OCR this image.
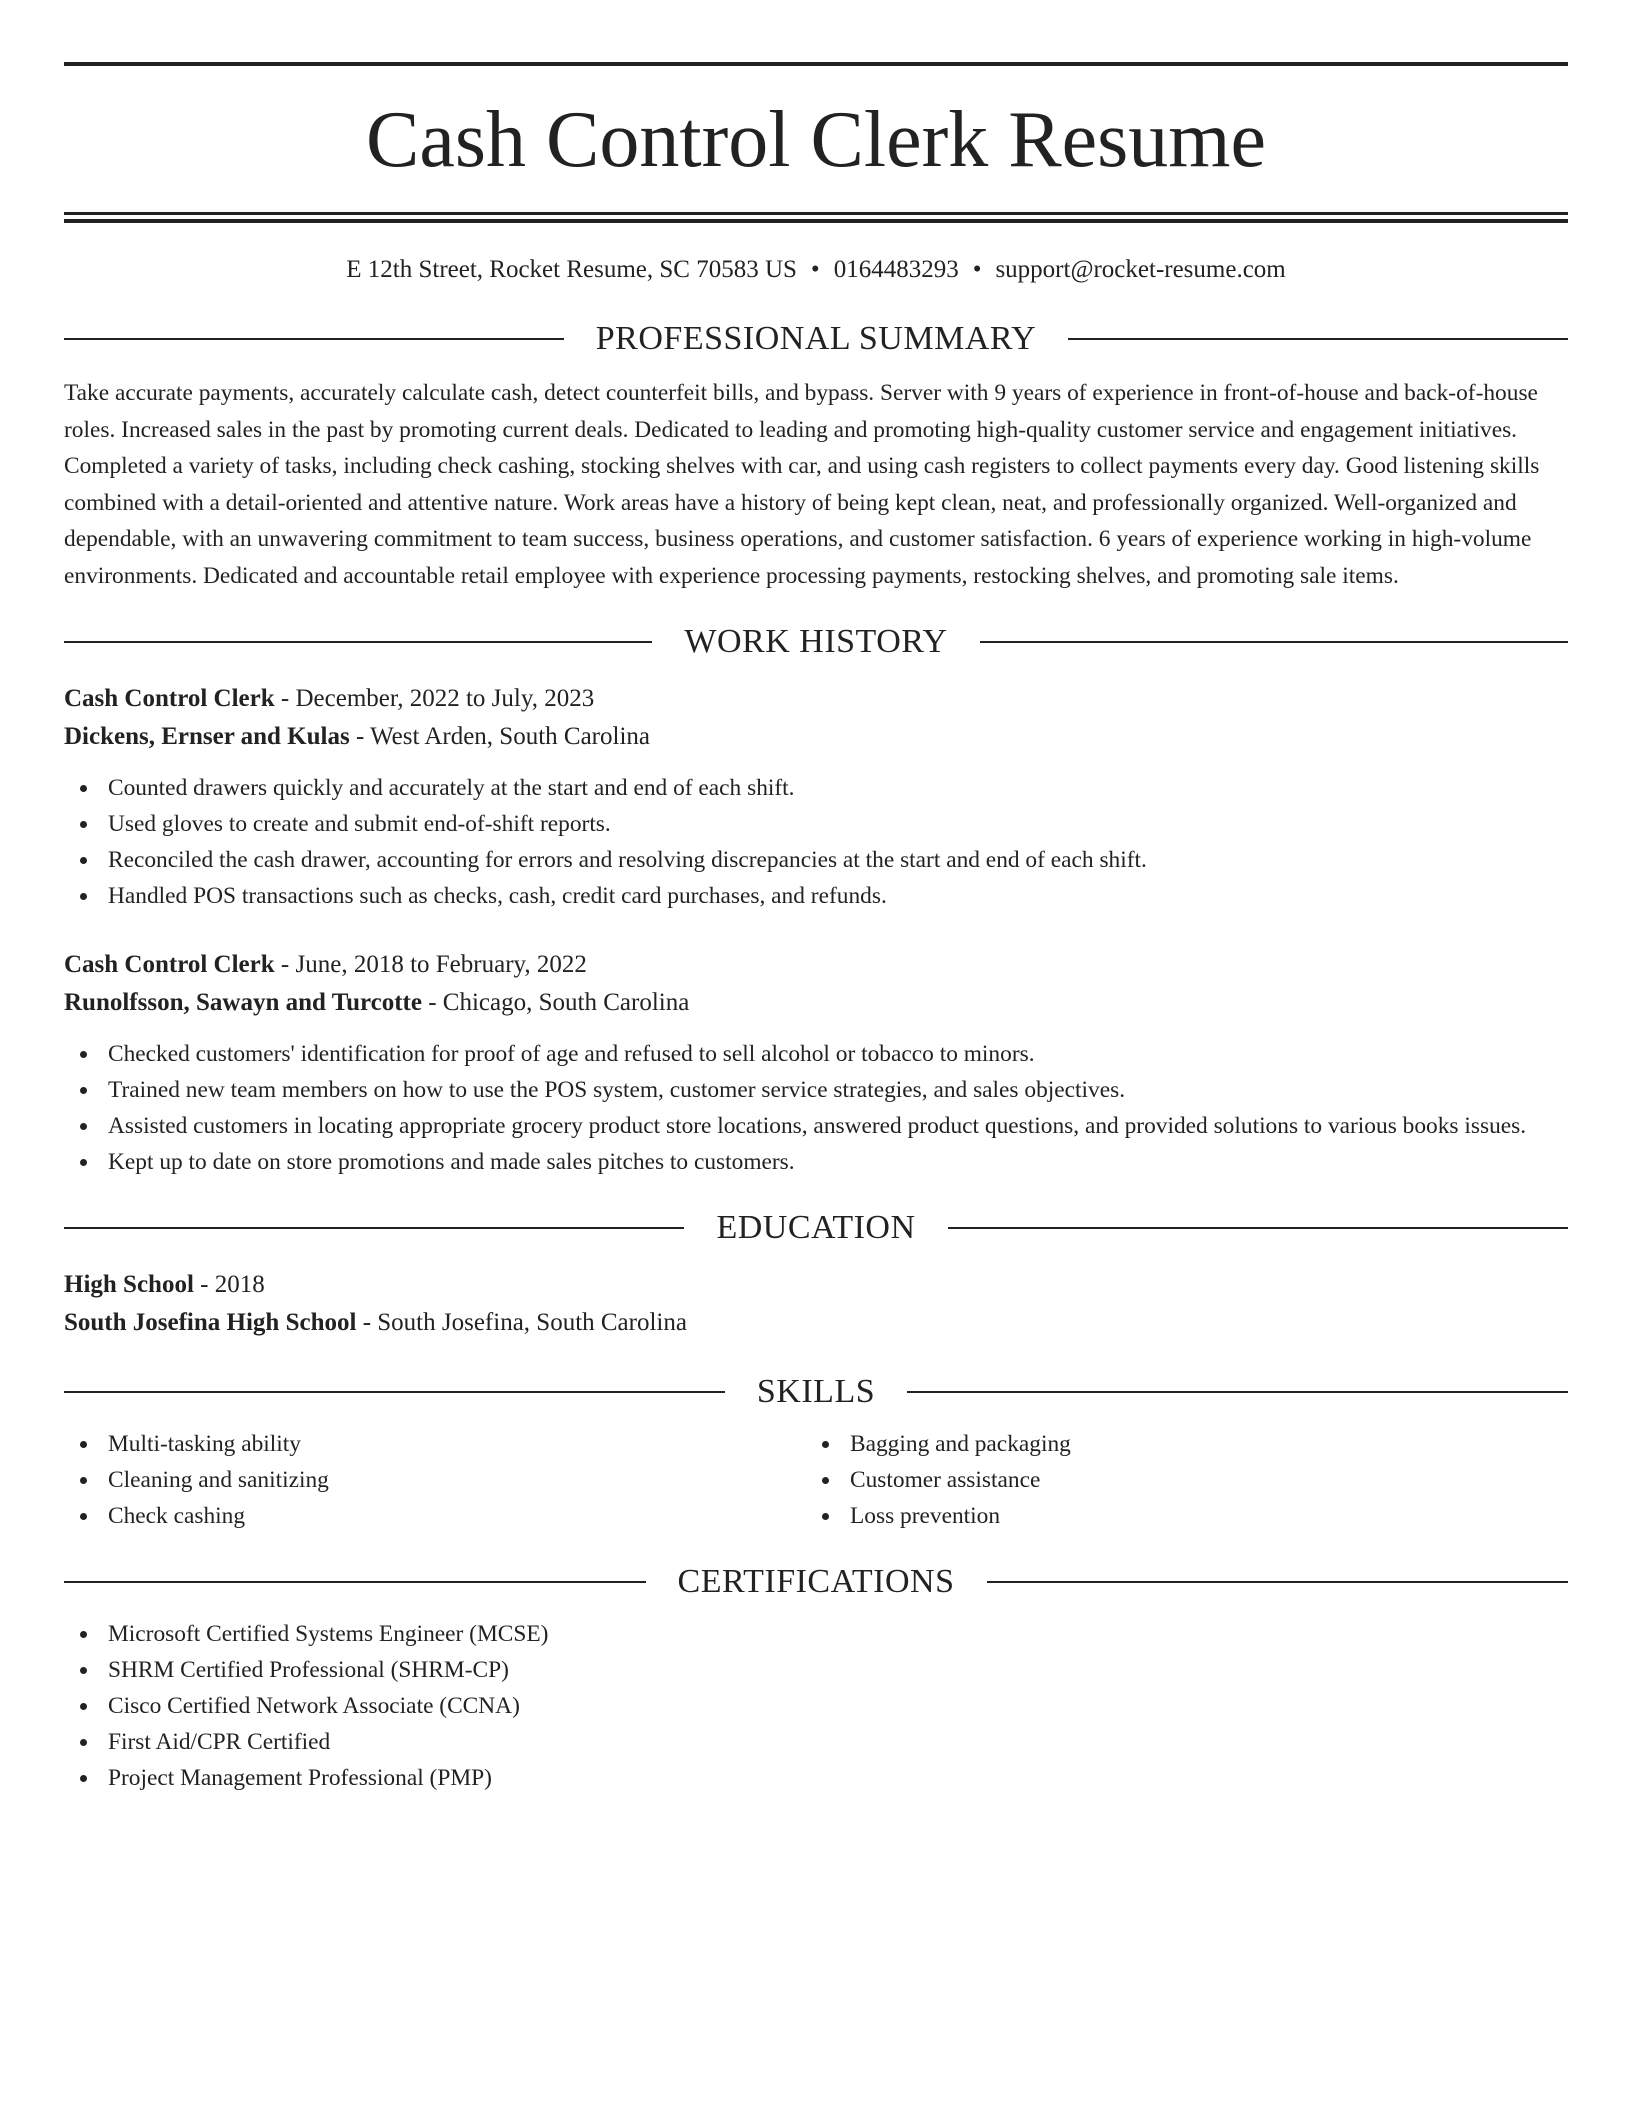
Cash Control Clerk Resume
E 12th Street, Rocket Resume, SC 70583 US • 0164483293 • support@rocket-resume.com
PROFESSIONAL SUMMARY

Take accurate payments, accurately calculate cash, detect counterfeit bills, and bypass. Server with 9 years of experience in front-of-house and back-of-house roles. Increased sales in the past by promoting current deals. Dedicated to leading and promoting high-quality customer service and engagement initiatives. Completed a variety of tasks, including check cashing, stocking shelves with car, and using cash registers to collect payments every day. Good listening skills combined with a detail-oriented and attentive nature. Work areas have a history of being kept clean, neat, and professionally organized. Well-organized and dependable, with an unwavering commitment to team success, business operations, and customer satisfaction. 6 years of experience working in high-volume environments. Dedicated and accountable retail employee with experience processing payments, restocking shelves, and promoting sale items.

WORK HISTORY
Cash Control Clerk - December, 2022 to July, 2023
Dickens, Ernser and Kulas - West Arden, South Carolina
Counted drawers quickly and accurately at the start and end of each shift.
Used gloves to create and submit end-of-shift reports.
Reconciled the cash drawer, accounting for errors and resolving discrepancies at the start and end of each shift.
Handled POS transactions such as checks, cash, credit card purchases, and refunds.
Cash Control Clerk - June, 2018 to February, 2022
Runolfsson, Sawayn and Turcotte - Chicago, South Carolina
Checked customers' identification for proof of age and refused to sell alcohol or tobacco to minors.
Trained new team members on how to use the POS system, customer service strategies, and sales objectives.
Assisted customers in locating appropriate grocery product store locations, answered product questions, and provided solutions to various books issues.
Kept up to date on store promotions and made sales pitches to customers.
EDUCATION
High School - 2018
South Josefina High School - South Josefina, South Carolina
SKILLS
Multi-tasking ability
Cleaning and sanitizing
Check cashing
Bagging and packaging
Customer assistance
Loss prevention
CERTIFICATIONS
Microsoft Certified Systems Engineer (MCSE)
SHRM Certified Professional (SHRM-CP)
Cisco Certified Network Associate (CCNA)
First Aid/CPR Certified
Project Management Professional (PMP)
